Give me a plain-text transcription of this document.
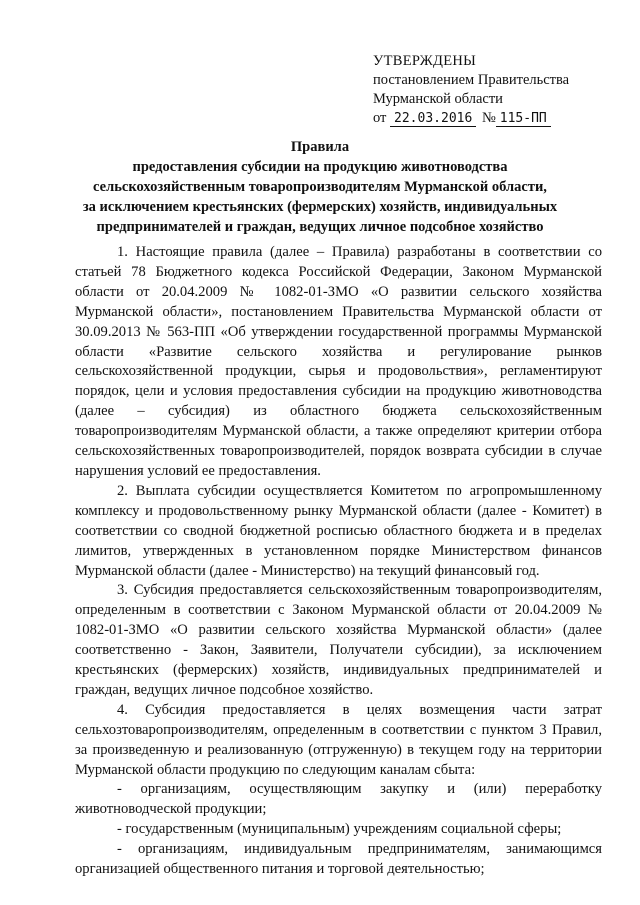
УТВЕРЖДЕНЫ
постановлением Правительства
Мурманской области
от 22.03.2016 № 115-ПП
Правила
предоставления субсидии на продукцию животноводства
сельскохозяйственным товаропроизводителям Мурманской области,
за исключением крестьянских (фермерских) хозяйств, индивидуальных
предпринимателей и граждан, ведущих личное подсобное хозяйство

1. Настоящие правила (далее – Правила) разработаны в соответствии со статьей 78 Бюджетного кодекса Российской Федерации, Законом Мурманской области от 20.04.2009 № 1082-01-ЗМО «О развитии сельского хозяйства Мурманской области», постановлением Правительства Мурманской области от 30.09.2013 № 563-ПП «Об утверждении государственной программы Мурманской области «Развитие сельского хозяйства и регулирование рынков сельскохозяйственной продукции, сырья и продовольствия», регламентируют порядок, цели и условия предоставления субсидии на продукцию животноводства (далее – субсидия) из областного бюджета сельскохозяйственным товаропроизводителям Мурманской области, а также определяют критерии отбора сельскохозяйственных товаропроизводителей, порядок возврата субсидии в случае нарушения условий ее предоставления.

2. Выплата субсидии осуществляется Комитетом по агропромышленному комплексу и продовольственному рынку Мурманской области (далее - Комитет) в соответствии со сводной бюджетной росписью областного бюджета и в пределах лимитов, утвержденных в установленном порядке Министерством финансов Мурманской области (далее - Министерство) на текущий финансовый год.

3. Субсидия предоставляется сельскохозяйственным товаропроизводителям, определенным в соответствии с Законом Мурманской области от 20.04.2009 № 1082-01-ЗМО «О развитии сельского хозяйства Мурманской области» (далее соответственно - Закон, Заявители, Получатели субсидии), за исключением крестьянских (фермерских) хозяйств, индивидуальных предпринимателей и граждан, ведущих личное подсобное хозяйство.

4. Субсидия предоставляется в целях возмещения части затрат сельхозтоваропроизводителям, определенным в соответствии с пунктом 3 Правил, за произведенную и реализованную (отгруженную) в текущем году на территории Мурманской области продукцию по следующим каналам сбыта:

- организациям, осуществляющим закупку и (или) переработку животноводческой продукции;

- государственным (муниципальным) учреждениям социальной сферы;

- организациям, индивидуальным предпринимателям, занимающимся организацией общественного питания и торговой деятельностью;
